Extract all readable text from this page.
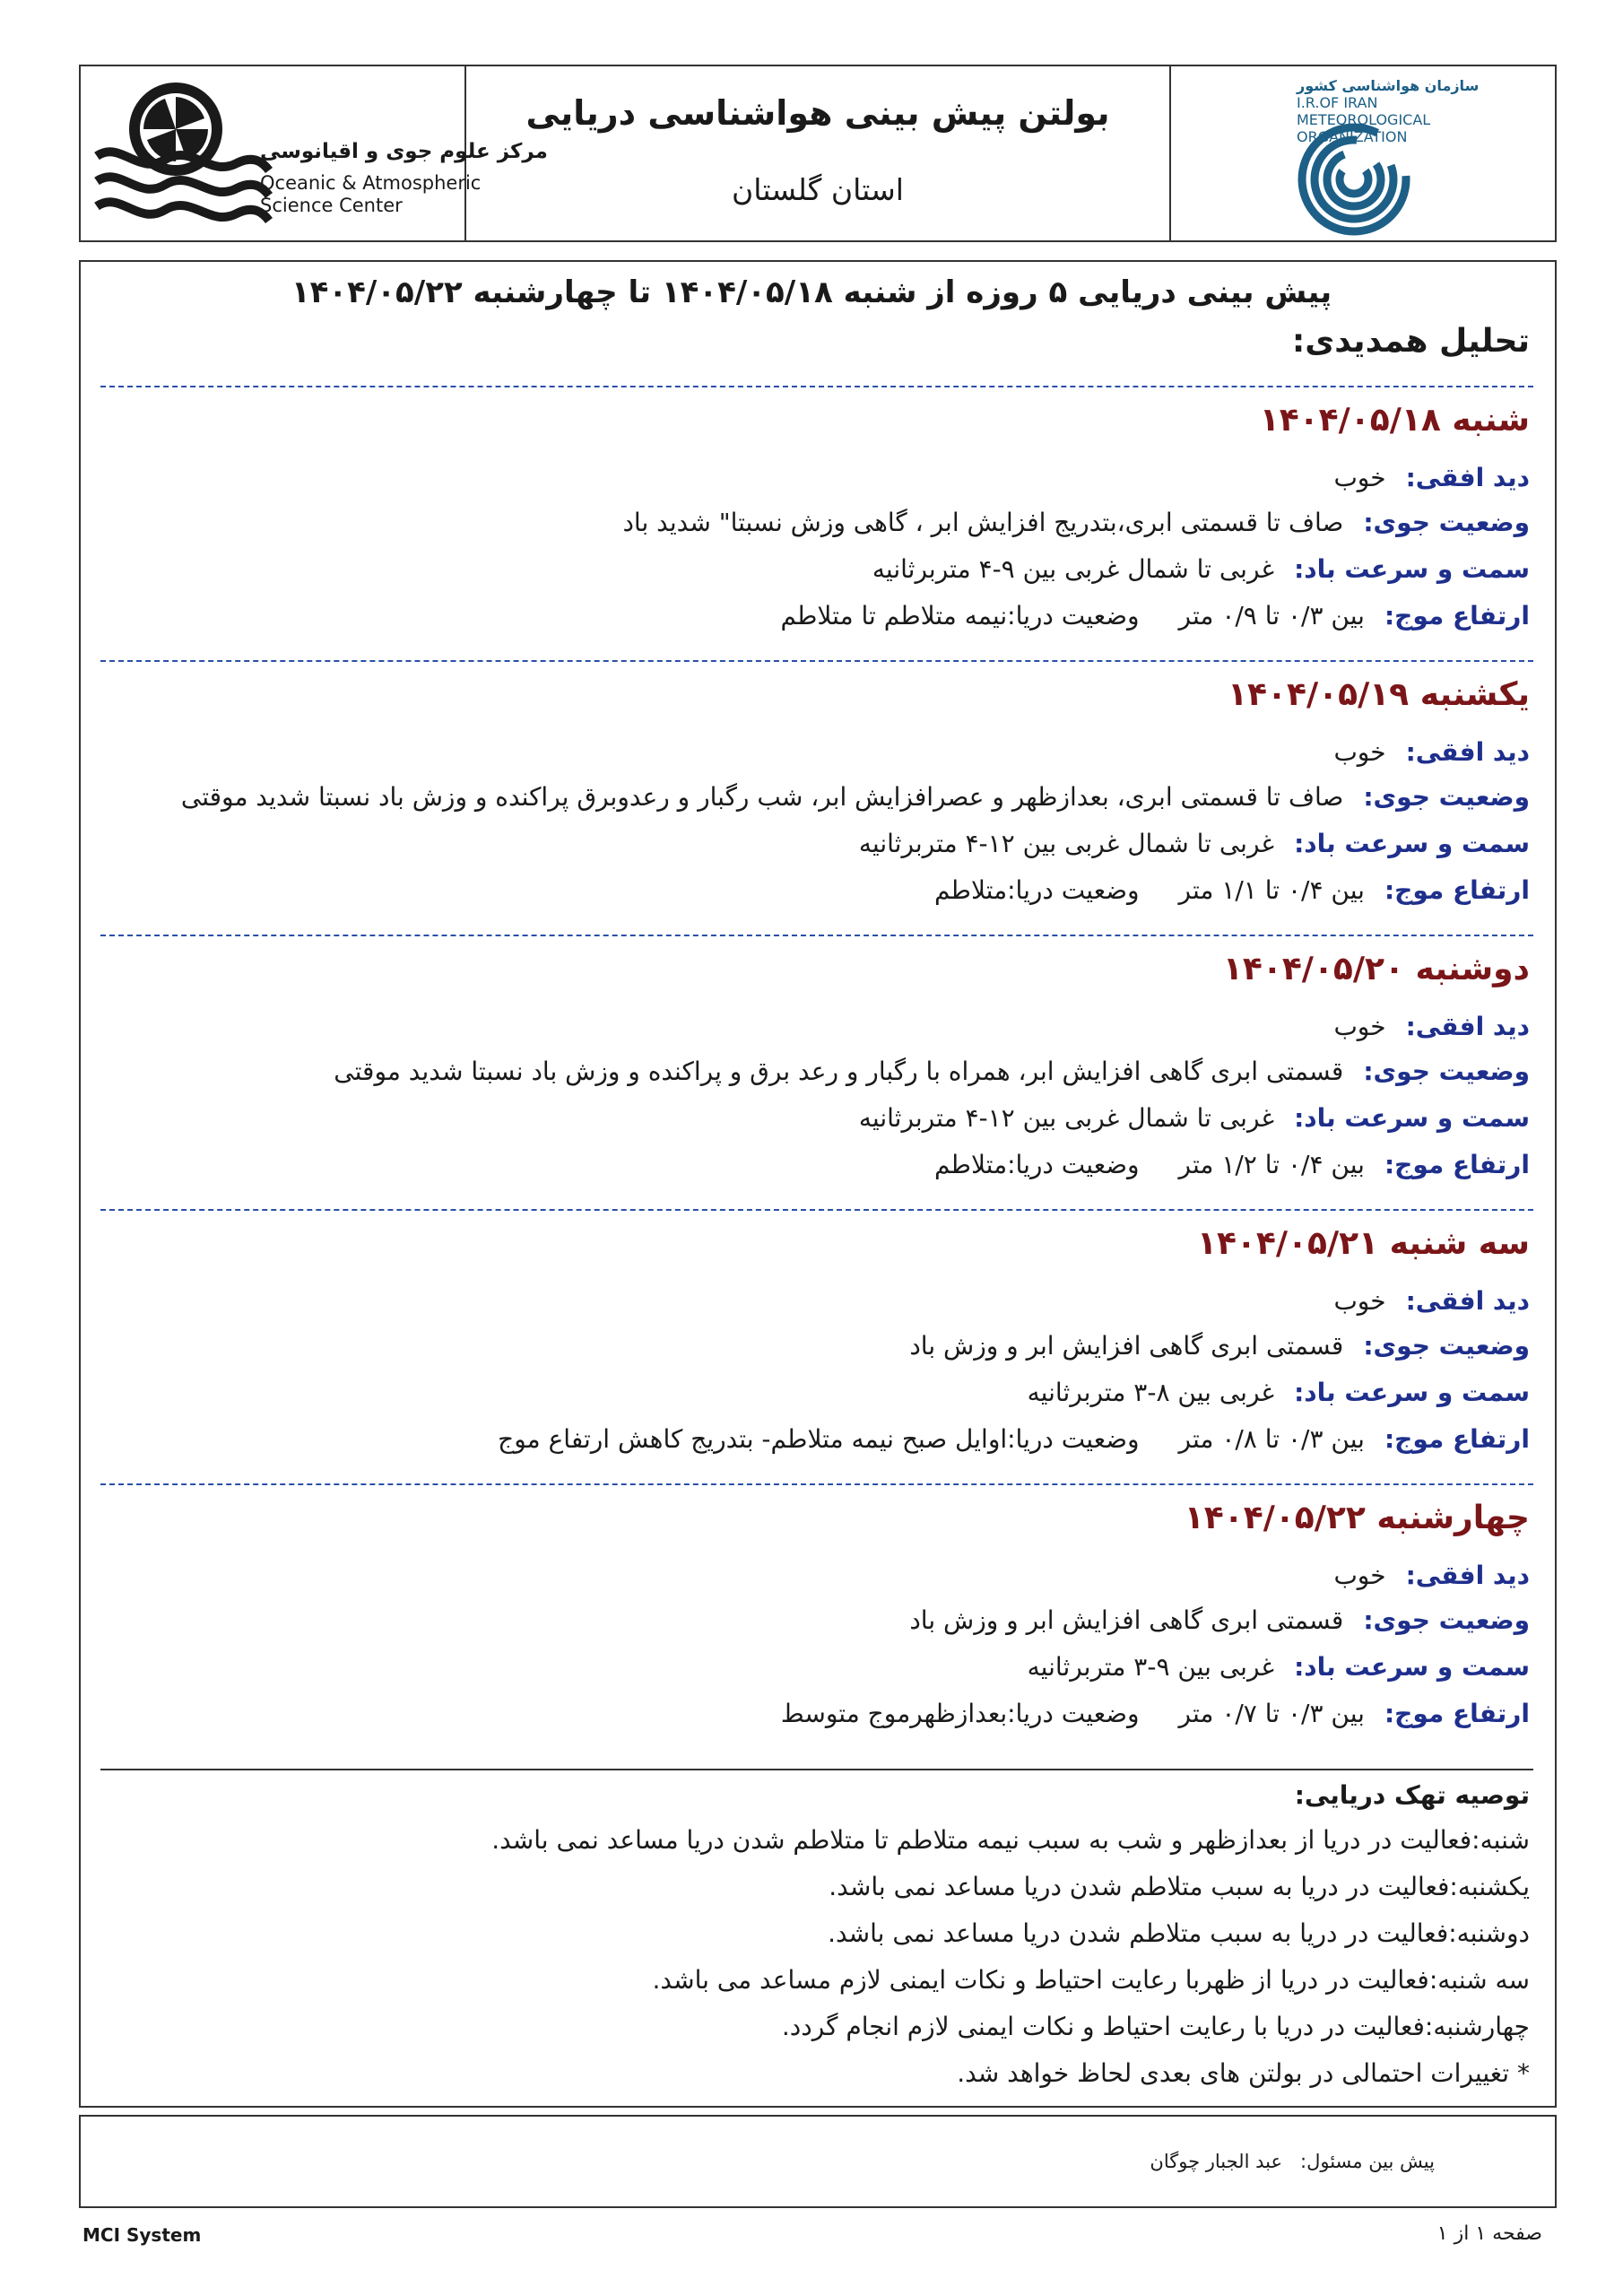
مرکز علوم جوی و اقیانوسی
Oceanic & Atmospheric
Science Center
بولتن پیش بینی هواشناسی دریایی
استان گلستان
سازمان هواشناسی کشور
I.R.OF IRAN
METEOROLOGICAL
ORGANIZATION
پیش بینی دریایی ۵ روزه از شنبه ۱۴۰۴/۰۵/۱۸ تا چهارشنبه ۱۴۰۴/۰۵/۲۲
تحلیل همدیدی:
شنبه ۱۴۰۴/۰۵/۱۸
دید افقی:خوب
وضعیت جوی:صاف تا قسمتی ابری،بتدریج افزایش ابر ، گاهی وزش نسبتا" شدید باد
سمت و سرعت باد:غربی تا شمال غربی بین ۹-۴ متربرثانیه
ارتفاع موج:بین ۰/۳ تا ۰/۹ متروضعیت دریا:نیمه متلاطم تا متلاطم
یکشنبه ۱۴۰۴/۰۵/۱۹
دید افقی:خوب
وضعیت جوی:صاف تا قسمتی ابری، بعدازظهر و عصرافزایش ابر، شب رگبار و رعدوبرق پراکنده و وزش باد نسبتا شدید موقتی
سمت و سرعت باد:غربی تا شمال غربی بین ۱۲-۴ متربرثانیه
ارتفاع موج:بین ۰/۴ تا ۱/۱ متروضعیت دریا:متلاطم
دوشنبه ۱۴۰۴/۰۵/۲۰
دید افقی:خوب
وضعیت جوی:قسمتی ابری گاهی افزایش ابر، همراه با رگبار و رعد برق و پراکنده و وزش باد نسبتا شدید موقتی
سمت و سرعت باد:غربی تا شمال غربی بین ۱۲-۴ متربرثانیه
ارتفاع موج:بین ۰/۴ تا ۱/۲ متروضعیت دریا:متلاطم
سه شنبه ۱۴۰۴/۰۵/۲۱
دید افقی:خوب
وضعیت جوی:قسمتی ابری گاهی افزایش ابر و وزش باد
سمت و سرعت باد:غربی بین ۸-۳ متربرثانیه
ارتفاع موج:بین ۰/۳ تا ۰/۸ متروضعیت دریا:اوایل صبح نیمه متلاطم- بتدریج کاهش ارتفاع موج
چهارشنبه ۱۴۰۴/۰۵/۲۲
دید افقی:خوب
وضعیت جوی:قسمتی ابری گاهی افزایش ابر و وزش باد
سمت و سرعت باد:غربی بین ۹-۳ متربرثانیه
ارتفاع موج:بین ۰/۳ تا ۰/۷ متروضعیت دریا:بعدازظهرموج متوسط
توصیه تهک دریایی:
شنبه:فعالیت در دریا از بعدازظهر و شب به سبب نیمه متلاطم تا متلاطم شدن دریا مساعد نمی باشد.
یکشنبه:فعالیت در دریا به سبب متلاطم شدن دریا مساعد نمی باشد.
دوشنبه:فعالیت در دریا به سبب متلاطم شدن دریا مساعد نمی باشد.
سه شنبه:فعالیت در دریا از ظهربا رعایت احتیاط و نکات ایمنی لازم مساعد می باشد.
چهارشنبه:فعالیت در دریا با رعایت احتیاط و نکات ایمنی لازم انجام گردد.
* تغییرات احتمالی در بولتن های بعدی لحاظ خواهد شد.
پیش بین مسئول:   عبد الجبار چوگان
MCI System	صفحه ۱ از ۱
